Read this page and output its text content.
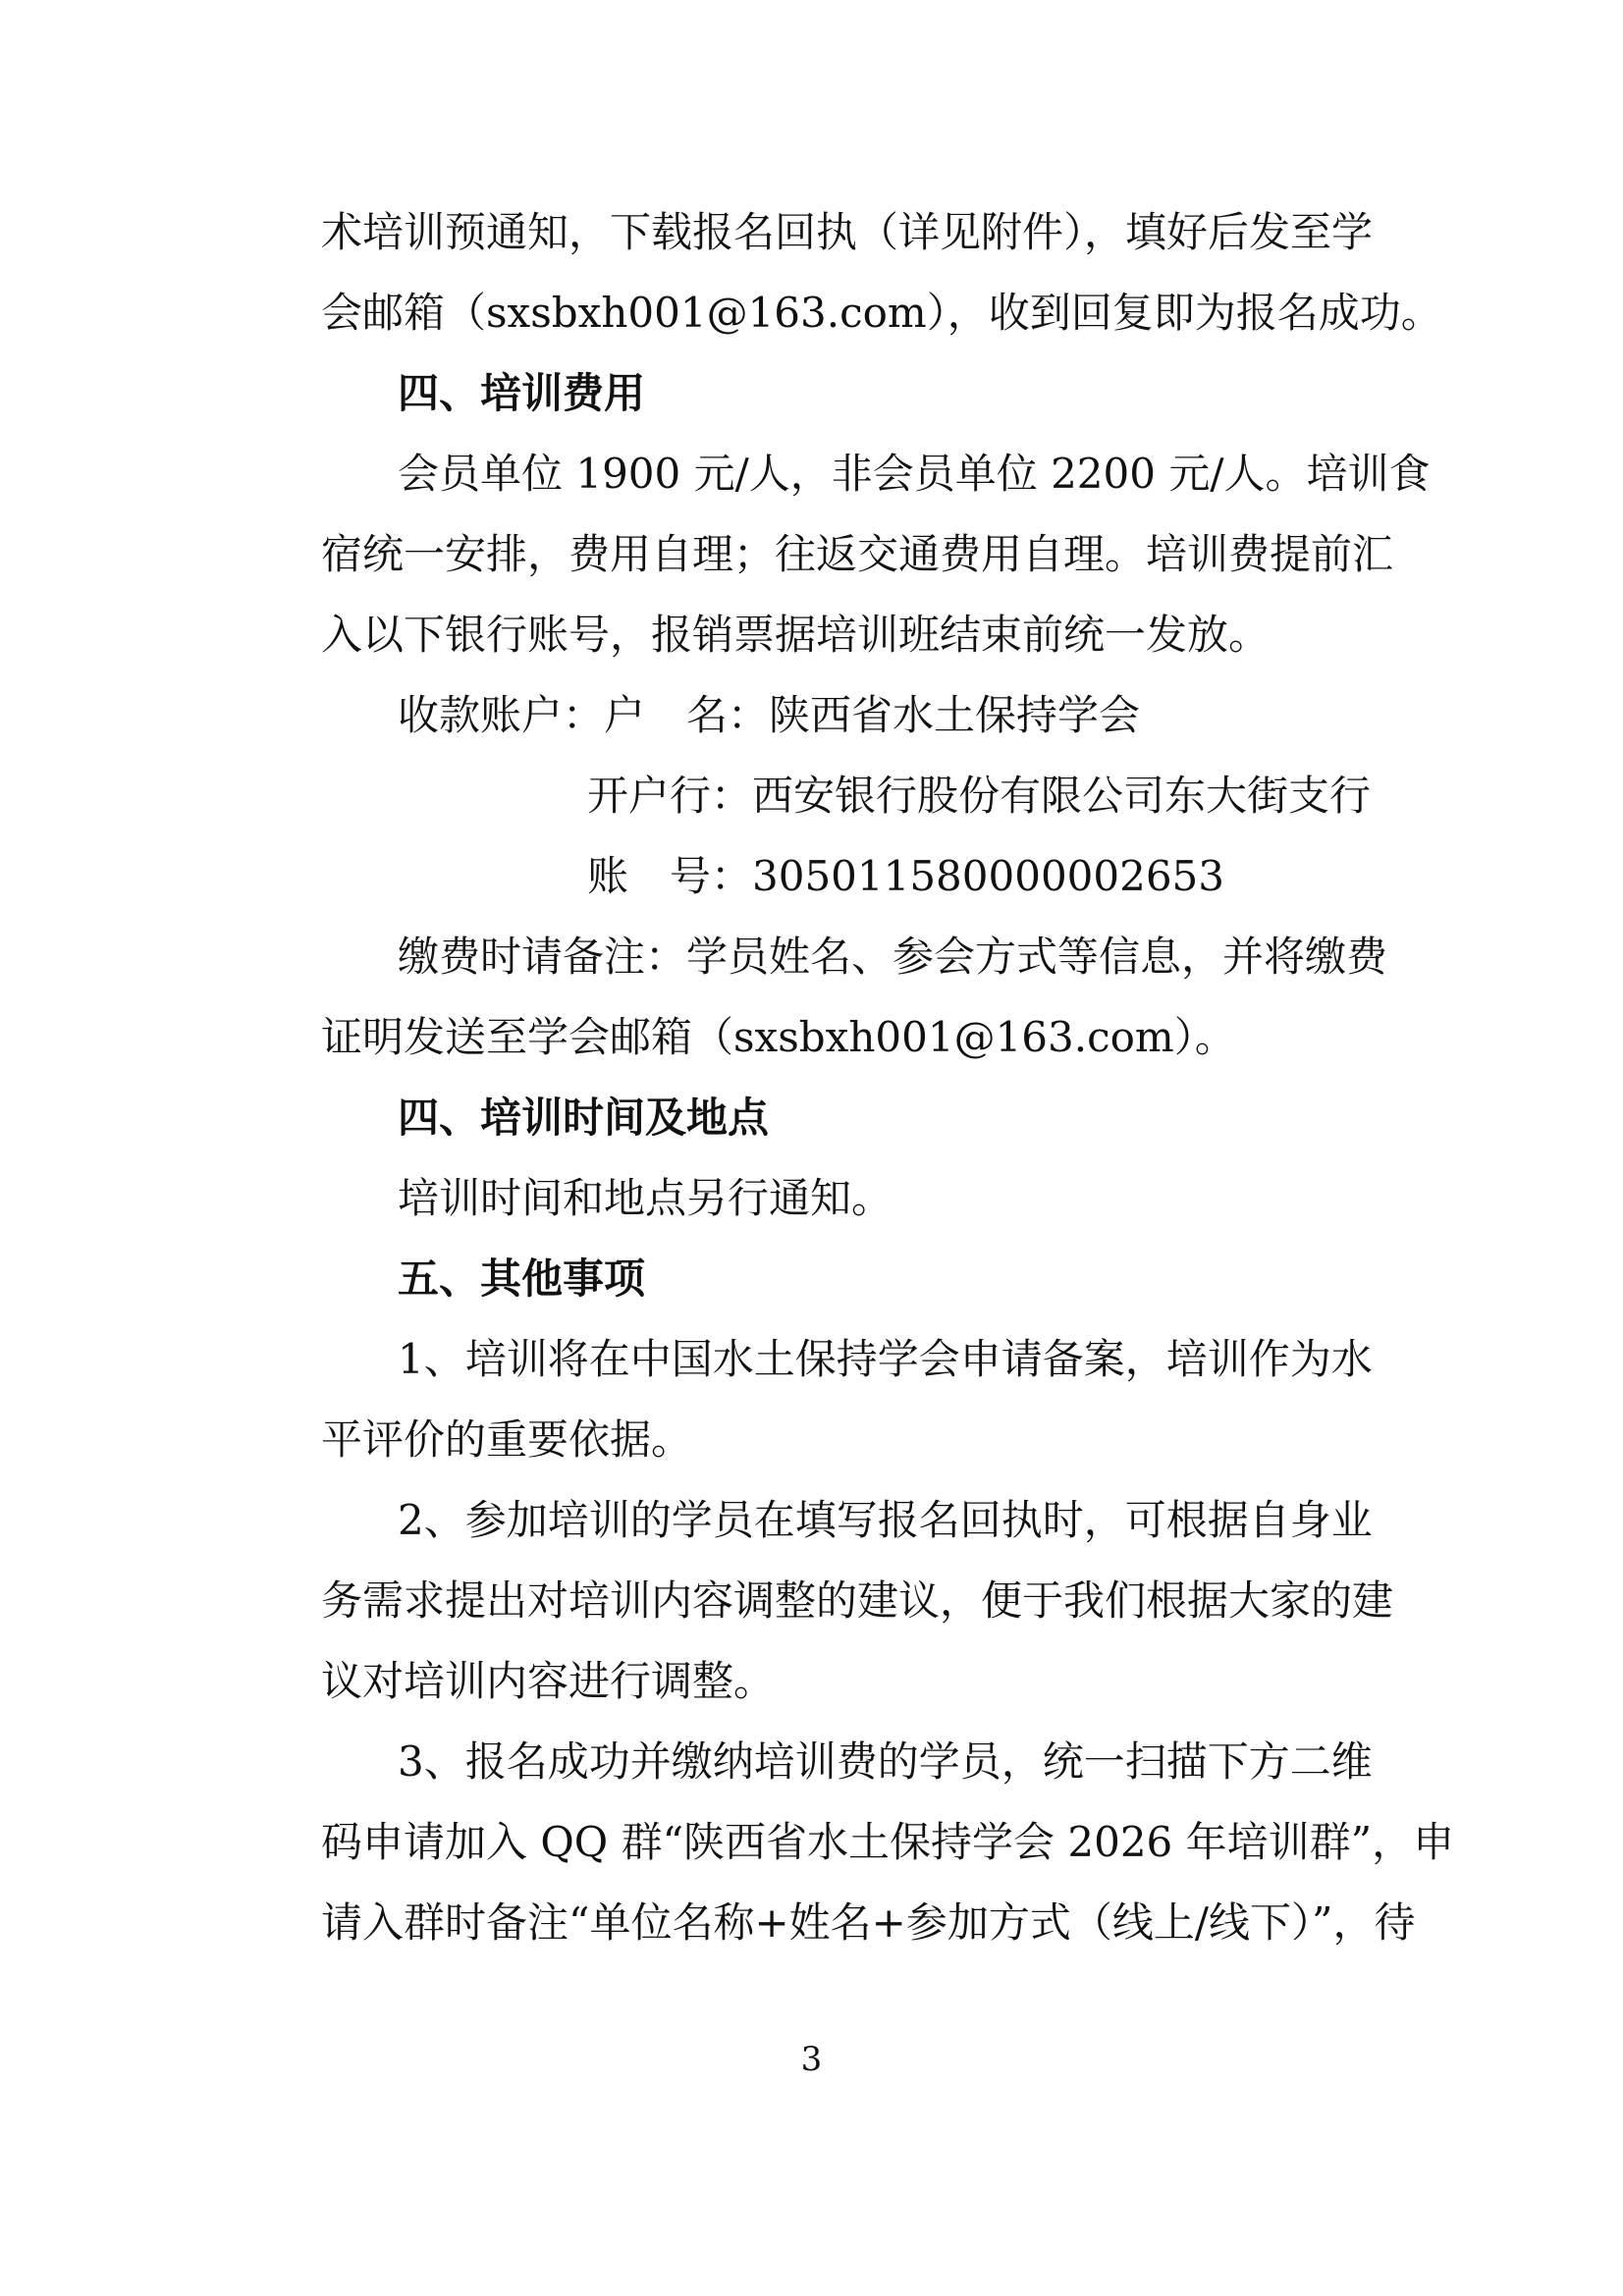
术培训预通知，下载报名回执（详见附件），填好后发至学
会邮箱（sxsbxh001@163.com），收到回复即为报名成功。
四、培训费用
会员单位 1900 元/人，非会员单位 2200 元/人。培训食
宿统一安排，费用自理；往返交通费用自理。培训费提前汇
入以下银行账号，报销票据培训班结束前统一发放。
收款账户：户　名：陕西省水土保持学会
开户行：西安银行股份有限公司东大街支行
账　号：305011580000002653
缴费时请备注：学员姓名、参会方式等信息，并将缴费
证明发送至学会邮箱（sxsbxh001@163.com）。
四、培训时间及地点
培训时间和地点另行通知。
五、其他事项
1、培训将在中国水土保持学会申请备案，培训作为水
平评价的重要依据。
2、参加培训的学员在填写报名回执时，可根据自身业
务需求提出对培训内容调整的建议，便于我们根据大家的建
议对培训内容进行调整。
3、报名成功并缴纳培训费的学员，统一扫描下方二维
码申请加入 QQ 群“陕西省水土保持学会 2026 年培训群”，申
请入群时备注“单位名称+姓名+参加方式（线上/线下）”，待
3
